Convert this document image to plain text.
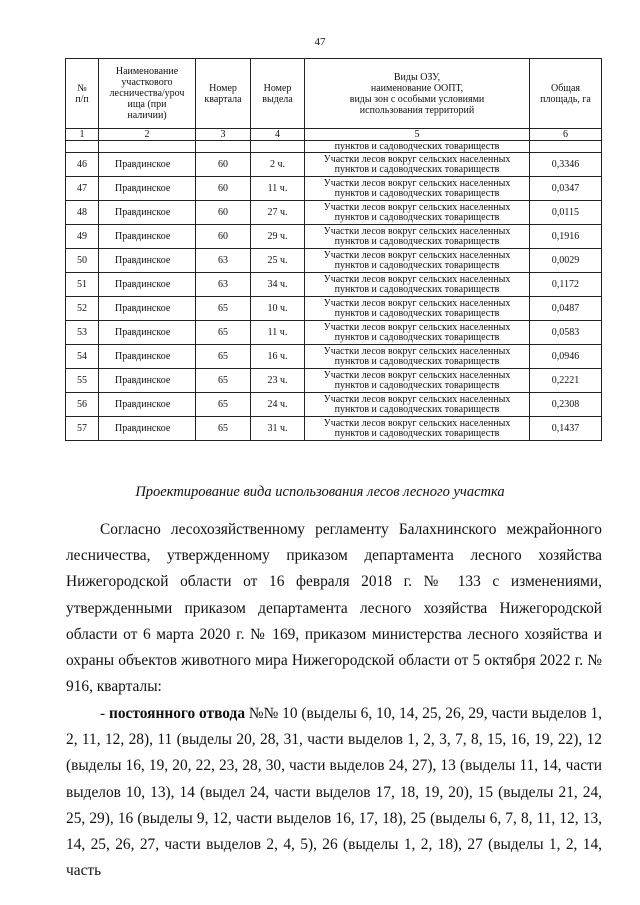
47
№
п/п	Наименование
участкового
лесничества/уроч
ища (при
наличии)	Номер
квартала	Номер
выдела	Виды ОЗУ,
наименование ООПТ,
виды зон с особыми условиями
использования территорий	Общая
площадь, га
1	2	3	4	5	6
				пунктов и садоводческих товариществ	
46	Правдинское	60	2 ч.	Участки лесов вокруг сельских населенных
пунктов и садоводческих товариществ	0,3346
47	Правдинское	60	11 ч.	Участки лесов вокруг сельских населенных
пунктов и садоводческих товариществ	0,0347
48	Правдинское	60	27 ч.	Участки лесов вокруг сельских населенных
пунктов и садоводческих товариществ	0,0115
49	Правдинское	60	29 ч.	Участки лесов вокруг сельских населенных
пунктов и садоводческих товариществ	0,1916
50	Правдинское	63	25 ч.	Участки лесов вокруг сельских населенных
пунктов и садоводческих товариществ	0,0029
51	Правдинское	63	34 ч.	Участки лесов вокруг сельских населенных
пунктов и садоводческих товариществ	0,1172
52	Правдинское	65	10 ч.	Участки лесов вокруг сельских населенных
пунктов и садоводческих товариществ	0,0487
53	Правдинское	65	11 ч.	Участки лесов вокруг сельских населенных
пунктов и садоводческих товариществ	0,0583
54	Правдинское	65	16 ч.	Участки лесов вокруг сельских населенных
пунктов и садоводческих товариществ	0,0946
55	Правдинское	65	23 ч.	Участки лесов вокруг сельских населенных
пунктов и садоводческих товариществ	0,2221
56	Правдинское	65	24 ч.	Участки лесов вокруг сельских населенных
пунктов и садоводческих товариществ	0,2308
57	Правдинское	65	31 ч.	Участки лесов вокруг сельских населенных
пунктов и садоводческих товариществ	0,1437
Проектирование вида использования лесов лесного участка

Согласно лесохозяйственному регламенту Балахнинского межрайонного лесничества, утвержденному приказом департамента лесного хозяйства Нижегородской области от 16 февраля 2018 г. № 133 с изменениями, утвержденными приказом департамента лесного хозяйства Нижегородской области от 6 марта 2020 г. № 169, приказом министерства лесного хозяйства и охраны объектов животного мира Нижегородской области от 5 октября 2022 г. № 916, кварталы:

- постоянного отвода №№ 10 (выделы 6, 10, 14, 25, 26, 29, части выделов 1, 2, 11, 12, 28), 11 (выделы 20, 28, 31, части выделов 1, 2, 3, 7, 8, 15, 16, 19, 22), 12 (выделы 16, 19, 20, 22, 23, 28, 30, части выделов 24, 27), 13 (выделы 11, 14, части выделов 10, 13), 14 (выдел 24, части выделов 17, 18, 19, 20), 15 (выделы 21, 24, 25, 29), 16 (выделы 9, 12, части выделов 16, 17, 18), 25 (выделы 6, 7, 8, 11, 12, 13, 14, 25, 26, 27, части выделов 2, 4, 5), 26 (выделы 1, 2, 18), 27 (выделы 1, 2, 14, часть
